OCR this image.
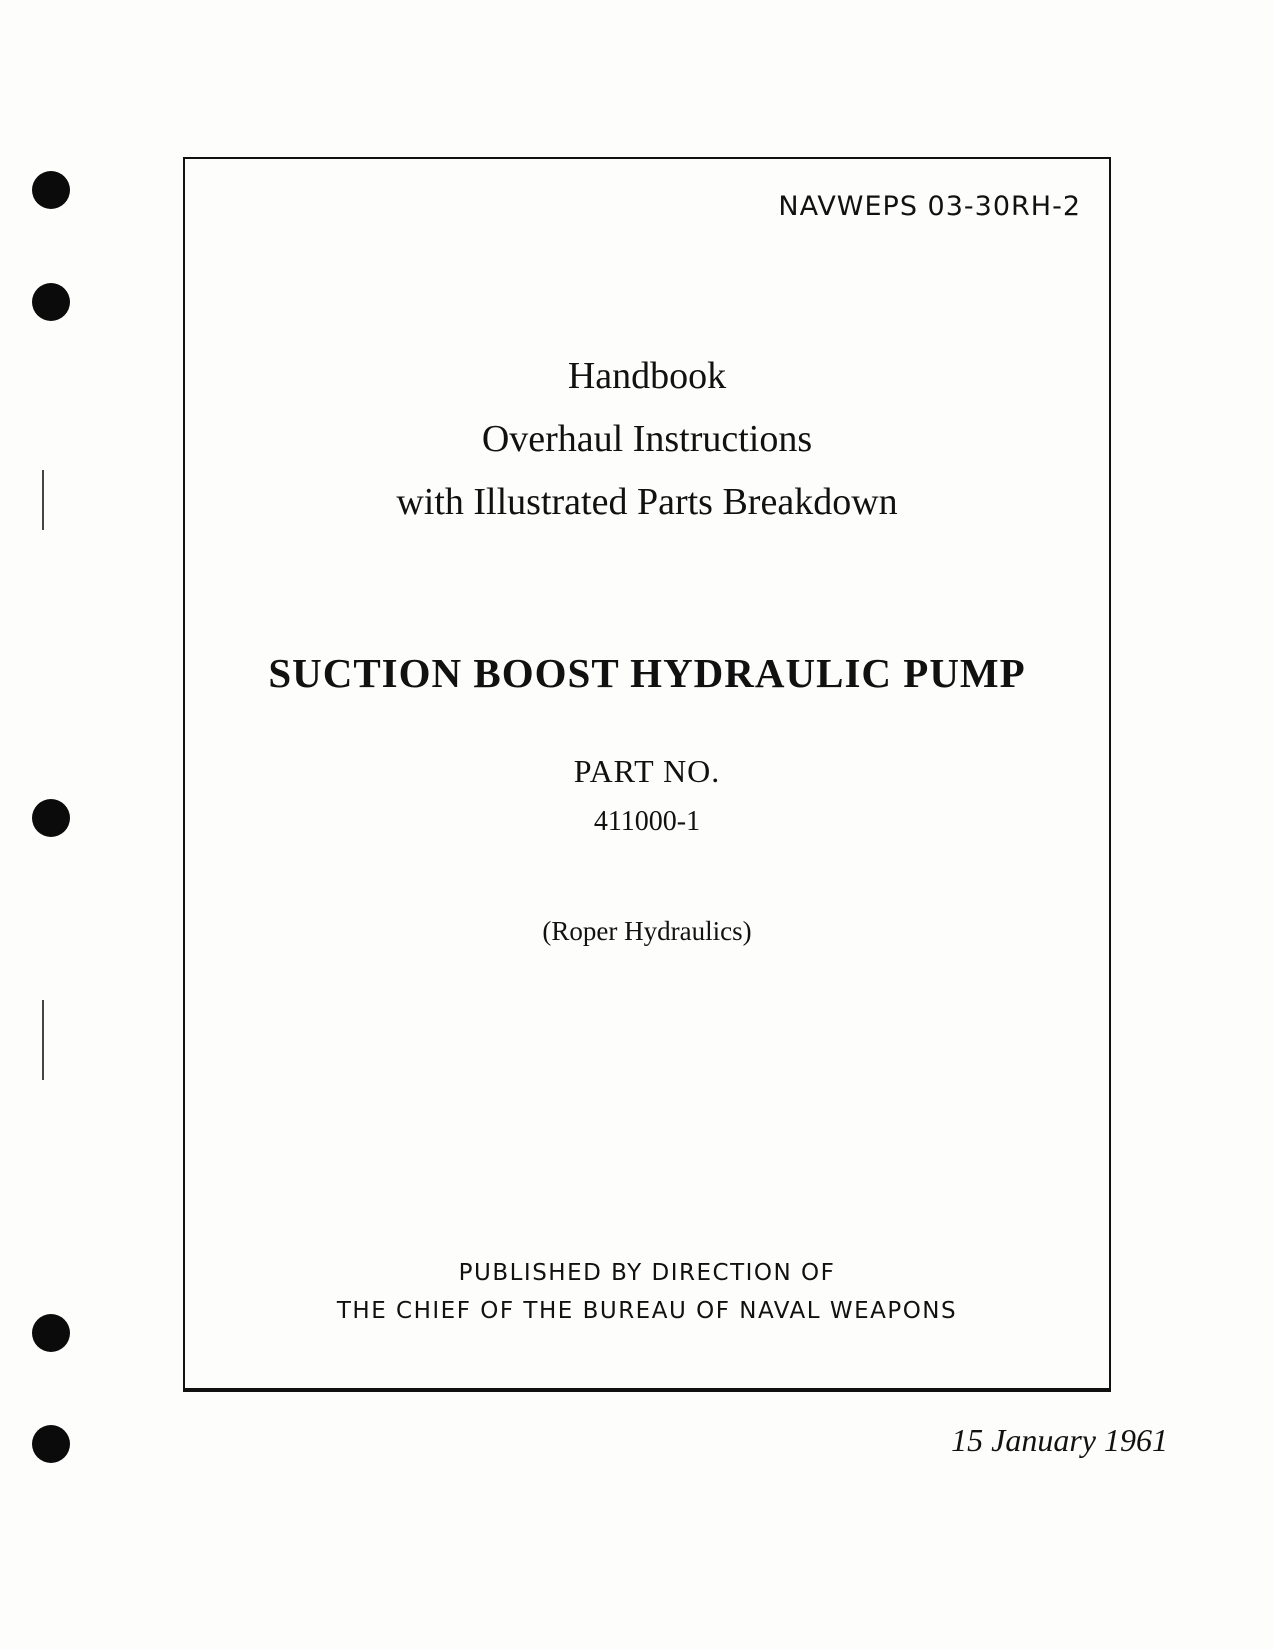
NAVWEPS 03-30RH-2

Handbook
Overhaul Instructions
with Illustrated Parts Breakdown
SUCTION BOOST HYDRAULIC PUMP
PART NO.
411000-1
(Roper Hydraulics)
PUBLISHED BY DIRECTION OF
THE CHIEF OF THE BUREAU OF NAVAL WEAPONS
15 January 1961
